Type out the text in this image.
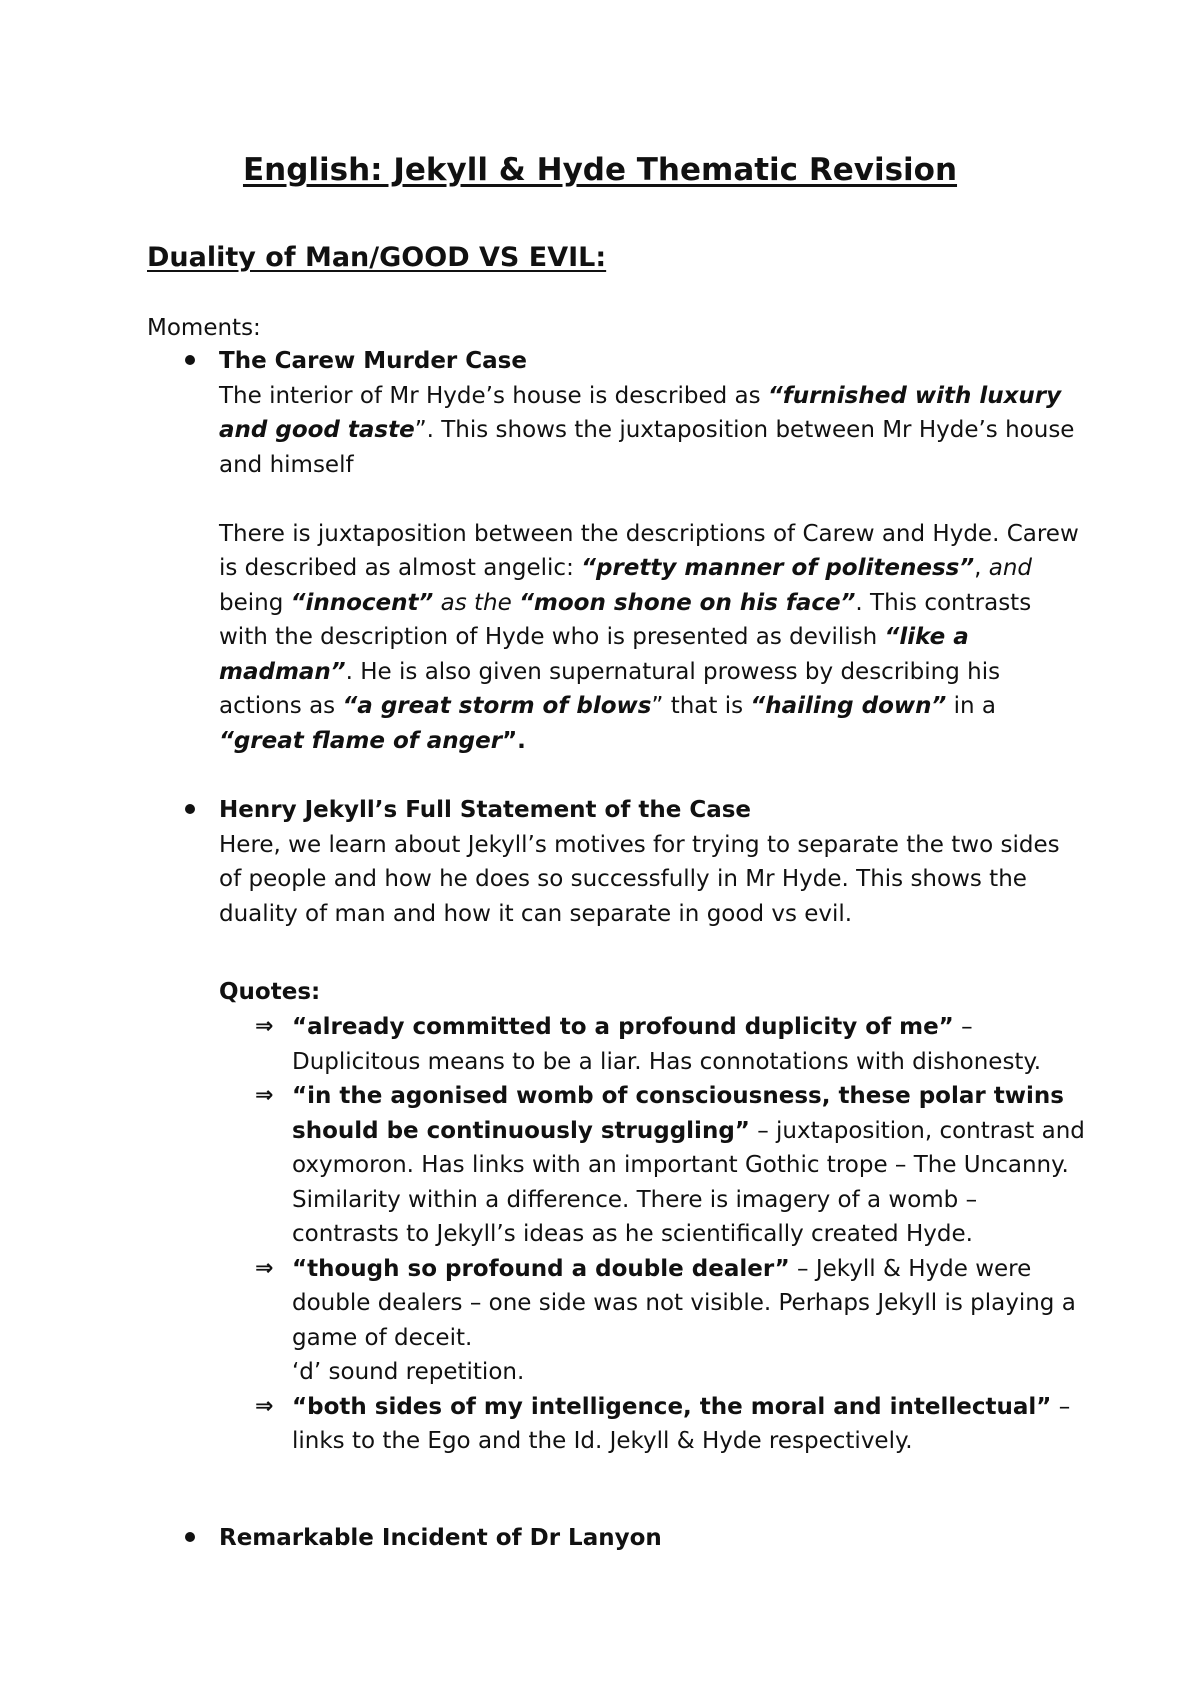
English: Jekyll & Hyde Thematic Revision
Duality of Man/GOOD VS EVIL:
Moments:
The Carew Murder Case
The interior of Mr Hyde’s house is described as “furnished with luxury and good taste”. This shows the juxtaposition between Mr Hyde’s house and himself
There is juxtaposition between the descriptions of Carew and Hyde. Carew is described as almost angelic: “pretty manner of politeness”, and being “innocent” as the “moon shone on his face”. This contrasts with the description of Hyde who is presented as devilish “like a madman”. He is also given supernatural prowess by describing his actions as “a great storm of blows” that is “hailing down” in a “great flame of anger”.
Henry Jekyll’s Full Statement of the Case
Here, we learn about Jekyll’s motives for trying to separate the two sides of people and how he does so successfully in Mr Hyde. This shows the duality of man and how it can separate in good vs evil.
Quotes:
⇒ “already committed to a profound duplicity of me” – Duplicitous means to be a liar. Has connotations with dishonesty.
⇒ “in the agonised womb of consciousness, these polar twins should be continuously struggling” – juxtaposition, contrast and oxymoron. Has links with an important Gothic trope – The Uncanny. Similarity within a difference. There is imagery of a womb – contrasts to Jekyll’s ideas as he scientifically created Hyde.
⇒ “though so profound a double dealer” – Jekyll & Hyde were double dealers – one side was not visible. Perhaps Jekyll is playing a game of deceit.
‘d’ sound repetition.
⇒ “both sides of my intelligence, the moral and intellectual” – links to the Ego and the Id. Jekyll & Hyde respectively.
Remarkable Incident of Dr Lanyon
